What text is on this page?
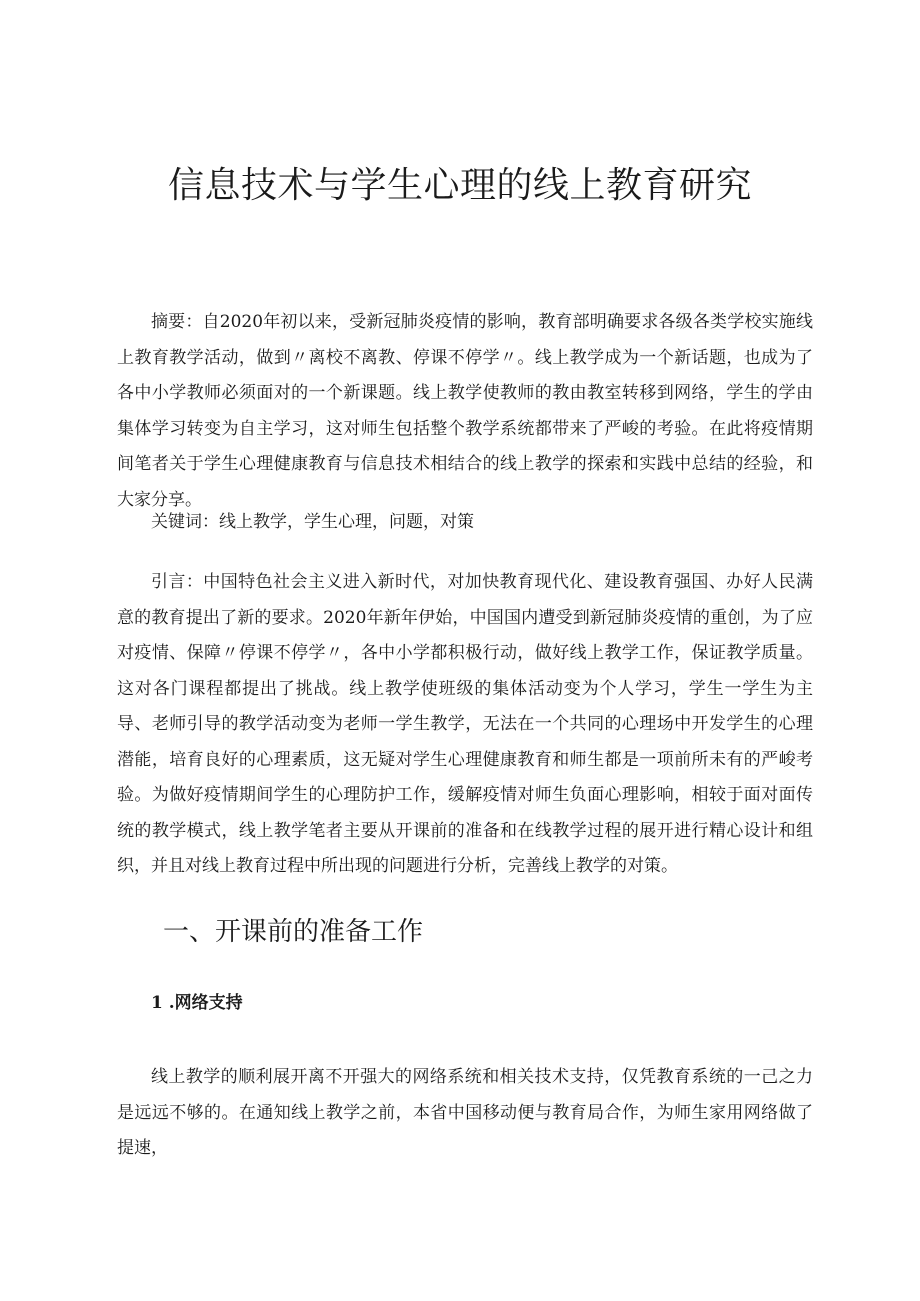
信息技术与学生心理的线上教育研究

摘要：自2020年初以来，受新冠肺炎疫情的影响，教育部明确要求各级各类学校实施线上教育教学活动，做到〃离校不离教、停课不停学〃。线上教学成为一个新话题，也成为了各中小学教师必须面对的一个新课题。线上教学使教师的教由教室转移到网络，学生的学由集体学习转变为自主学习，这对师生包括整个教学系统都带来了严峻的考验。在此将疫情期间笔者关于学生心理健康教育与信息技术相结合的线上教学的探索和实践中总结的经验，和大家分享。

关键词：线上教学，学生心理，问题，对策

引言：中国特色社会主义进入新时代，对加快教育现代化、建设教育强国、办好人民满意的教育提出了新的要求。2020年新年伊始，中国国内遭受到新冠肺炎疫情的重创，为了应对疫情、保障〃停课不停学〃，各中小学都积极行动，做好线上教学工作，保证教学质量。这对各门课程都提出了挑战。线上教学使班级的集体活动变为个人学习，学生一学生为主导、老师引导的教学活动变为老师一学生教学，无法在一个共同的心理场中开发学生的心理潜能，培育良好的心理素质，这无疑对学生心理健康教育和师生都是一项前所未有的严峻考验。为做好疫情期间学生的心理防护工作，缓解疫情对师生负面心理影响，相较于面对面传统的教学模式，线上教学笔者主要从开课前的准备和在线教学过程的展开进行精心设计和组织，并且对线上教育过程中所出现的问题进行分析，完善线上教学的对策。

一、开课前的准备工作
1 .网络支持

线上教学的顺利展开离不开强大的网络系统和相关技术支持，仅凭教育系统的一己之力是远远不够的。在通知线上教学之前，本省中国移动便与教育局合作，为师生家用网络做了提速，
